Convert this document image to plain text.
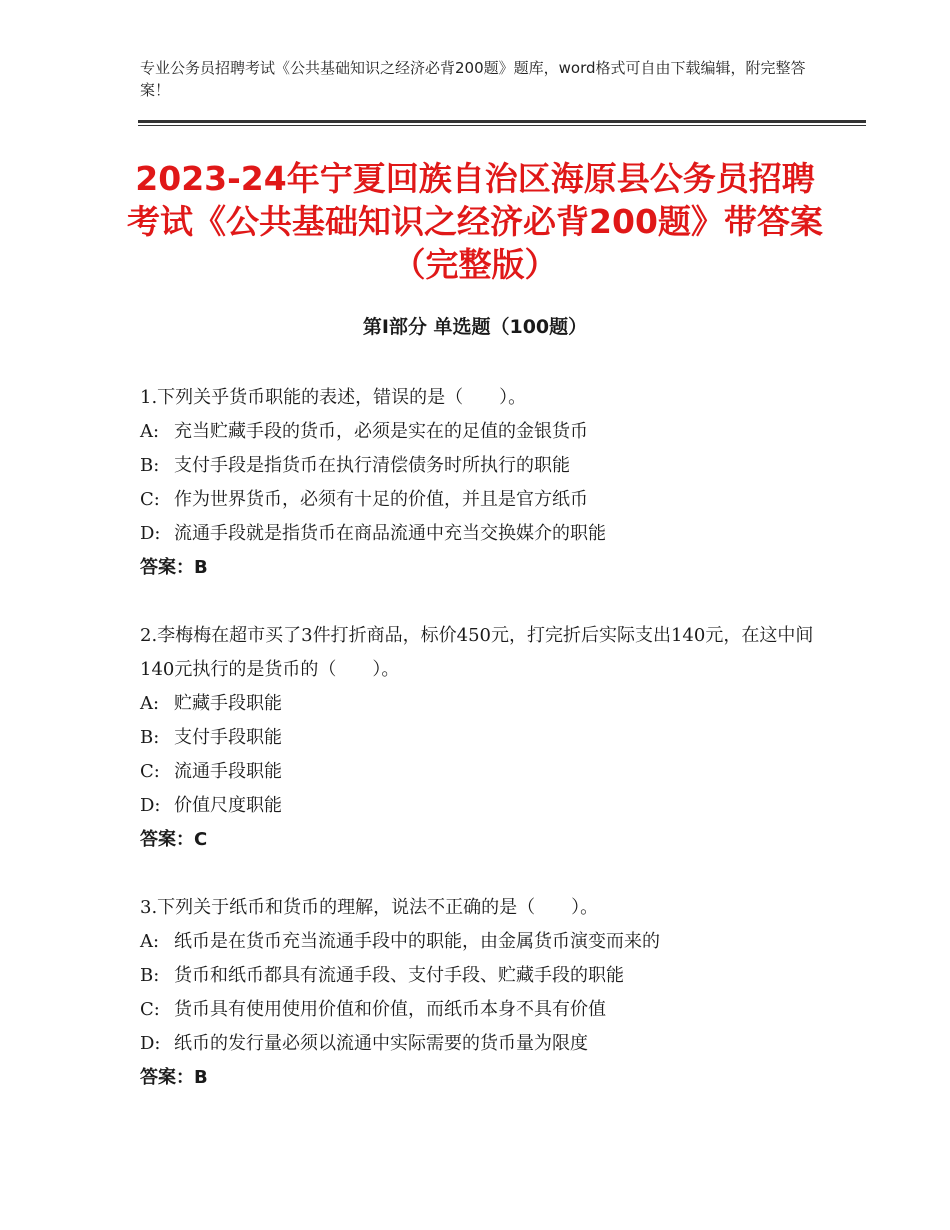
专业公务员招聘考试《公共基础知识之经济必背200题》题库，word格式可自由下载编辑，附完整答案！
2023-24年宁夏回族自治区海原县公务员招聘考试《公共基础知识之经济必背200题》带答案（完整版）
第Ⅰ部分 单选题（100题）
1.下列关乎货币职能的表述，错误的是（　　）。
A: 充当贮藏手段的货币，必须是实在的足值的金银货币
B: 支付手段是指货币在执行清偿债务时所执行的职能
C: 作为世界货币，必须有十足的价值，并且是官方纸币
D: 流通手段就是指货币在商品流通中充当交换媒介的职能
答案：B
2.李梅梅在超市买了3件打折商品，标价450元，打完折后实际支出140元，在这中间140元执行的是货币的（　　）。
A: 贮藏手段职能
B: 支付手段职能
C: 流通手段职能
D: 价值尺度职能
答案：C
3.下列关于纸币和货币的理解，说法不正确的是（　　）。
A: 纸币是在货币充当流通手段中的职能，由金属货币演变而来的
B: 货币和纸币都具有流通手段、支付手段、贮藏手段的职能
C: 货币具有使用使用价值和价值，而纸币本身不具有价值
D: 纸币的发行量必须以流通中实际需要的货币量为限度
答案：B
